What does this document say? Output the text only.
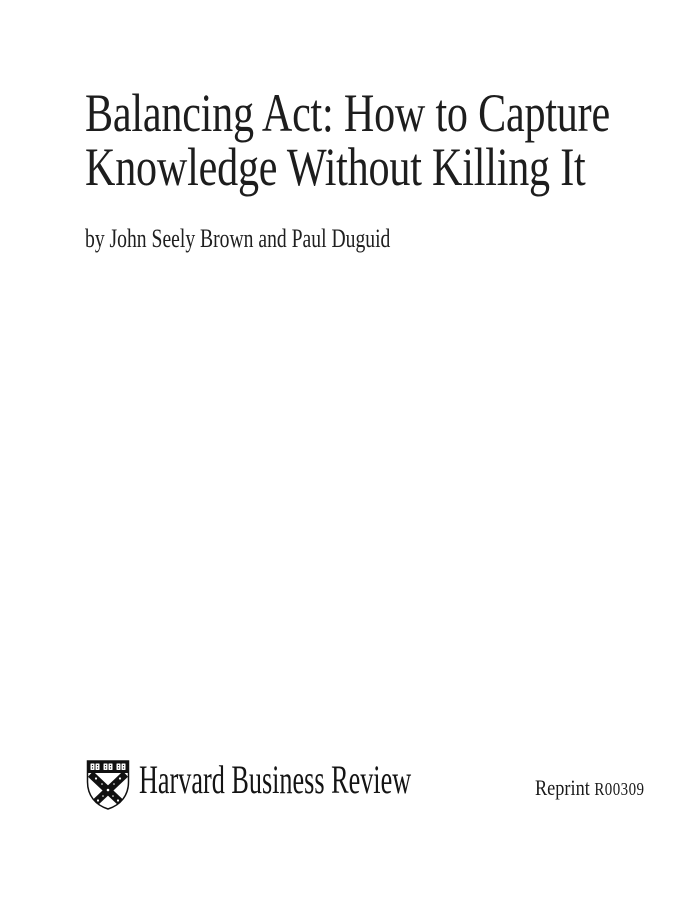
Balancing Act: How to Capture
Knowledge Without Killing It

by John Seely Brown and Paul Duguid

Harvard Business Review	Reprint R00309
